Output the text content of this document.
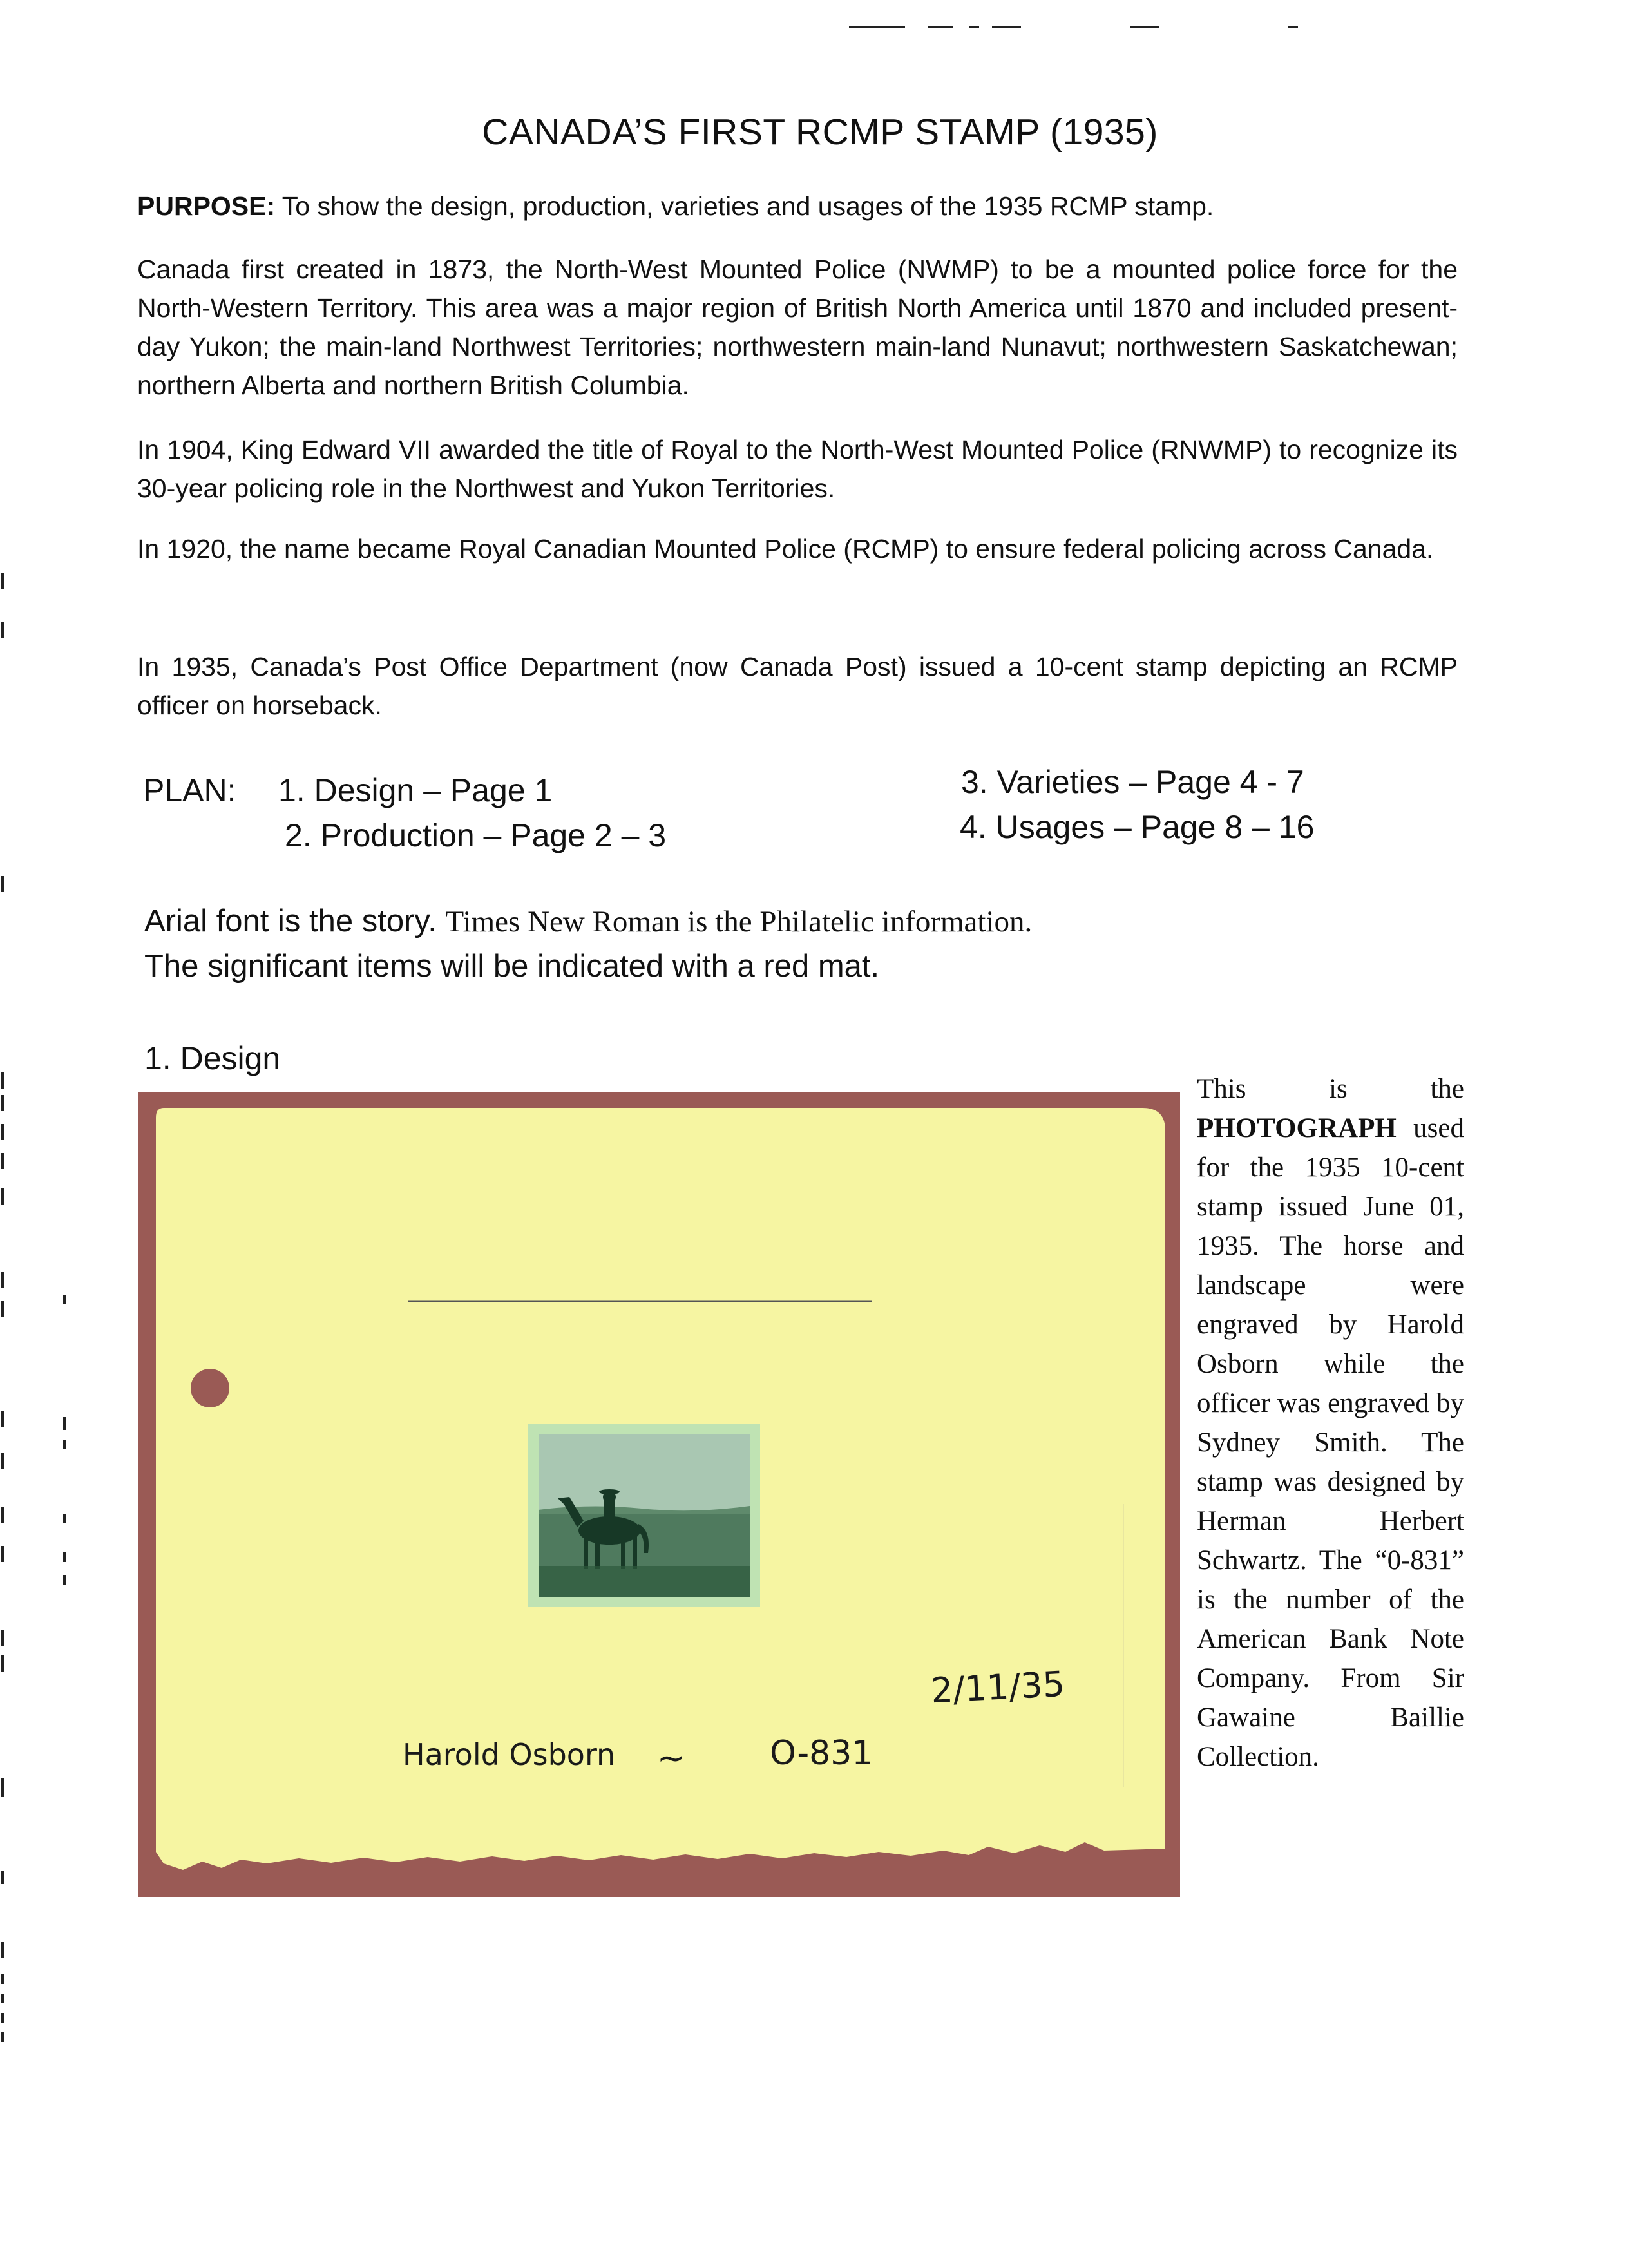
CANADA’S FIRST RCMP STAMP (1935)

PURPOSE: To show the design, production, varieties and usages of the 1935 RCMP stamp.

Canada first created in 1873, the North-West Mounted Police (NWMP) to be a mounted police force for the North-Western Territory. This area was a major region of British North America until 1870 and included present-day Yukon; the main-land Northwest Territories; northwestern main-land Nunavut; northwestern Saskatchewan; northern Alberta and northern British Columbia.

In 1904, King Edward VII awarded the title of Royal to the North-West Mounted Police (RNWMP) to recognize its 30-year policing role in the Northwest and Yukon Territories.

In 1920, the name became Royal Canadian Mounted Police (RCMP) to ensure federal policing across Canada.

In 1935, Canada’s Post Office Department (now Canada Post) issued a 10-cent stamp depicting an RCMP officer on horseback.

PLAN: 1. Design – Page 1
2. Production – Page 2 – 3
3. Varieties – Page 4 - 7
4. Usages – Page 8 – 16
Arial font is the story. Times New Roman is the Philatelic information.
The significant items will be indicated with a red mat.
1. Design
Harold Osborn ~	O-831
2/11/35

This is the PHOTOGRAPH used for the 1935 10-cent stamp issued June 01, 1935. The horse and landscape were engraved by Harold Osborn while the officer was engraved by Sydney Smith. The stamp was designed by Herman Herbert Schwartz. The “0-831” is the number of the American Bank Note Company. From Sir Gawaine Baillie Collection.
